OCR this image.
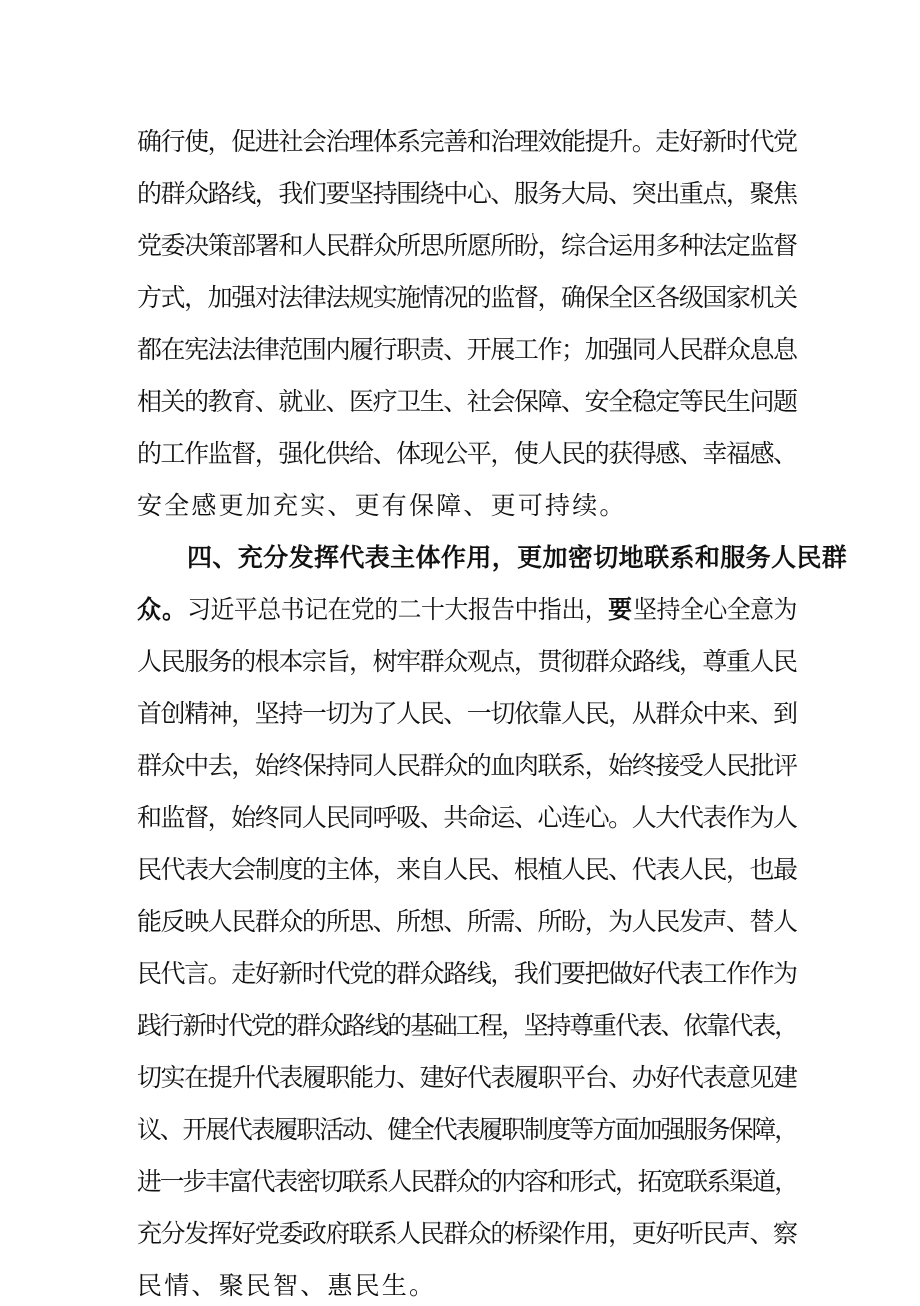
确行使，促进社会治理体系完善和治理效能提升。走好新时代党
的群众路线，我们要坚持围绕中心、服务大局、突出重点，聚焦
党委决策部署和人民群众所思所愿所盼，综合运用多种法定监督
方式，加强对法律法规实施情况的监督，确保全区各级国家机关
都在宪法法律范围内履行职责、开展工作；加强同人民群众息息
相关的教育、就业、医疗卫生、社会保障、安全稳定等民生问题
的工作监督，强化供给、体现公平，使人民的获得感、幸福感、
安全感更加充实、更有保障、更可持续。
四、充分发挥代表主体作用，更加密切地联系和服务人民群
众。习近平总书记在党的二十大报告中指出，要坚持全心全意为
人民服务的根本宗旨，树牢群众观点，贯彻群众路线，尊重人民
首创精神，坚持一切为了人民、一切依靠人民，从群众中来、到
群众中去，始终保持同人民群众的血肉联系，始终接受人民批评
和监督，始终同人民同呼吸、共命运、心连心。人大代表作为人
民代表大会制度的主体，来自人民、根植人民、代表人民，也最
能反映人民群众的所思、所想、所需、所盼，为人民发声、替人
民代言。走好新时代党的群众路线，我们要把做好代表工作作为
践行新时代党的群众路线的基础工程，坚持尊重代表、依靠代表，
切实在提升代表履职能力、建好代表履职平台、办好代表意见建
议、开展代表履职活动、健全代表履职制度等方面加强服务保障，
进一步丰富代表密切联系人民群众的内容和形式，拓宽联系渠道，
充分发挥好党委政府联系人民群众的桥梁作用，更好听民声、察
民情、聚民智、惠民生。
